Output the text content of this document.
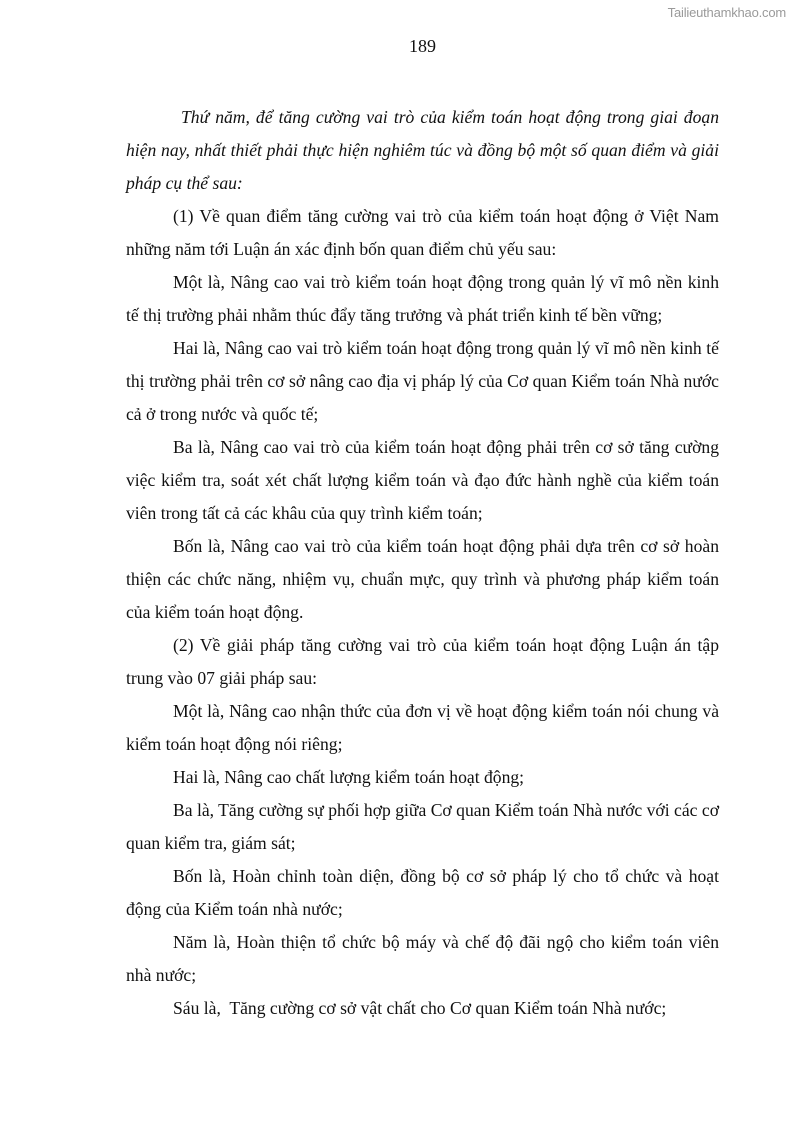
Tailieuthamkhao.com
189

Thứ năm, để tăng cường vai trò của kiểm toán hoạt động trong giai đoạn hiện nay, nhất thiết phải thực hiện nghiêm túc và đồng bộ một số quan điểm và giải pháp cụ thể sau:

(1) Về quan điểm tăng cường vai trò của kiểm toán hoạt động ở Việt Nam những năm tới Luận án xác định bốn quan điểm chủ yếu sau:

Một là, Nâng cao vai trò kiểm toán hoạt động trong quản lý vĩ mô nền kinh tế thị trường phải nhằm thúc đẩy tăng trưởng và phát triển kinh tế bền vững;

Hai là, Nâng cao vai trò kiểm toán hoạt động trong quản lý vĩ mô nền kinh tế thị trường phải trên cơ sở nâng cao địa vị pháp lý của Cơ quan Kiểm toán Nhà nước cả ở trong nước và quốc tế;

Ba là, Nâng cao vai trò của kiểm toán hoạt động phải trên cơ sở tăng cường việc kiểm tra, soát xét chất lượng kiểm toán và đạo đức hành nghề của kiểm toán viên trong tất cả các khâu của quy trình kiểm toán;

Bốn là, Nâng cao vai trò của kiểm toán hoạt động phải dựa trên cơ sở hoàn thiện các chức năng, nhiệm vụ, chuẩn mực, quy trình và phương pháp kiểm toán của kiểm toán hoạt động.

(2) Về giải pháp tăng cường vai trò của kiểm toán hoạt động Luận án tập trung vào 07 giải pháp sau:

Một là, Nâng cao nhận thức của đơn vị về hoạt động kiểm toán nói chung và kiểm toán hoạt động nói riêng;

Hai là, Nâng cao chất lượng kiểm toán hoạt động;

Ba là, Tăng cường sự phối hợp giữa Cơ quan Kiểm toán Nhà nước với các cơ quan kiểm tra, giám sát;

Bốn là, Hoàn chỉnh toàn diện, đồng bộ cơ sở pháp lý cho tổ chức và hoạt động của Kiểm toán nhà nước;

Năm là, Hoàn thiện tổ chức bộ máy và chế độ đãi ngộ cho kiểm toán viên nhà nước;

Sáu là,  Tăng cường cơ sở vật chất cho Cơ quan Kiểm toán Nhà nước;
